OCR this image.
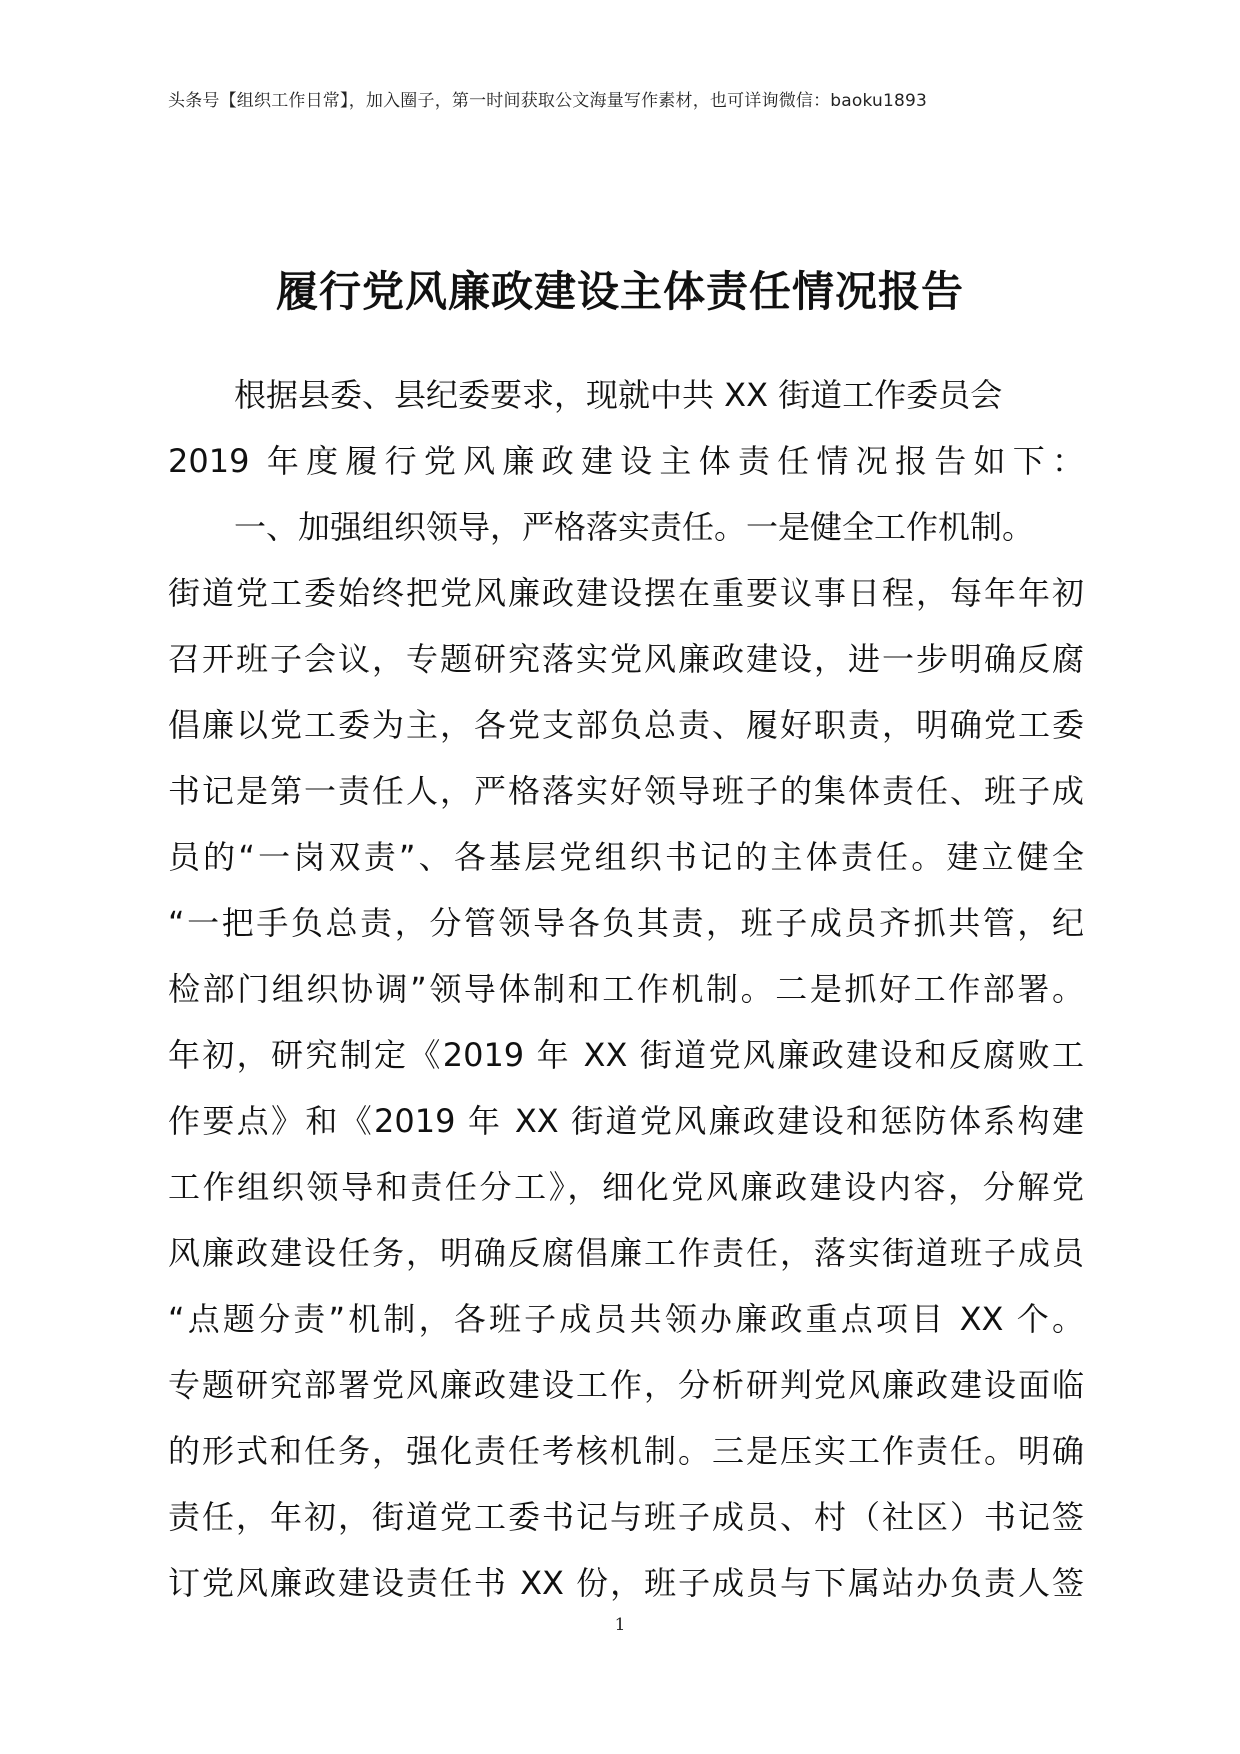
头条号【组织工作日常】，加入圈子，第一时间获取公文海量写作素材，也可详询微信：baoku1893
履行党风廉政建设主体责任情况报告
根据县委、县纪委要求，现就中共 XX 街道工作委员会
2019 年度履行党风廉政建设主体责任情况报告如下：
一、加强组织领导，严格落实责任。一是健全工作机制。
街道党工委始终把党风廉政建设摆在重要议事日程，每年年初
召开班子会议，专题研究落实党风廉政建设，进一步明确反腐
倡廉以党工委为主，各党支部负总责、履好职责，明确党工委
书记是第一责任人，严格落实好领导班子的集体责任、班子成
员的“一岗双责”、各基层党组织书记的主体责任。建立健全
“一把手负总责，分管领导各负其责，班子成员齐抓共管，纪
检部门组织协调”领导体制和工作机制。二是抓好工作部署。
年初，研究制定《2019 年 XX 街道党风廉政建设和反腐败工
作要点》和《2019 年 XX 街道党风廉政建设和惩防体系构建
工作组织领导和责任分工》，细化党风廉政建设内容，分解党
风廉政建设任务，明确反腐倡廉工作责任，落实街道班子成员
“点题分责”机制，各班子成员共领办廉政重点项目 XX 个。
专题研究部署党风廉政建设工作，分析研判党风廉政建设面临
的形式和任务，强化责任考核机制。三是压实工作责任。明确
责任，年初，街道党工委书记与班子成员、村（社区）书记签
订党风廉政建设责任书 XX 份，班子成员与下属站办负责人签
1
